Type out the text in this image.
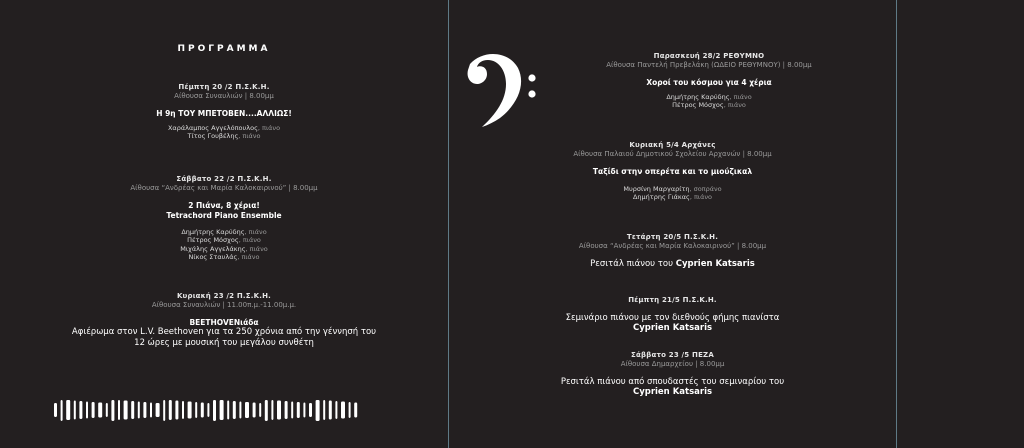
ΠΡΟΓΡΑΜΜΑ
Πέμπτη 20 /2 Π.Σ.Κ.Η.
Αίθουσα Συναυλιών | 8.00μμ
Η 9η ΤΟΥ ΜΠΕΤΟΒΕΝ....ΑΛΛΙΩΣ!
Χαράλαμπος Αγγελόπουλος, πιάνο
Τίτος Γουβέλης, πιάνο
Σάββατο 22 /2 Π.Σ.Κ.Η.
Αίθουσα “Ανδρέας και Μαρία Καλοκαιρινού” | 8.00μμ
2 Πιάνα, 8 χέρια!
Tetrachord Piano Ensemble
Δημήτρης Καρύδης, πιάνο
Πέτρος Μόσχος, πιάνο
Μιχάλης Αγγελάκης, πιάνο
Νίκος Σταυλάς, πιάνο
Κυριακή 23 /2 Π.Σ.Κ.Η.
Αίθουσα Συναυλιών | 11.00π.μ.-11.00μ.μ.
BEETHOVENιάδα
Αφιέρωμα στον L.V. Beethoven για τα 250 χρόνια από την γέννησή του
12 ώρες με μουσική του μεγάλου συνθέτη
Παρασκευή 28/2 ΡΕΘΥΜΝΟ
Αίθουσα Παντελή Πρεβελάκη (ΩΔΕΙΟ ΡΕΘΥΜΝΟΥ) | 8.00μμ
Χοροί του κόσμου για 4 χέρια
Δημήτρης Καρύδης, πιάνο
Πέτρος Μόσχος, πιάνο
Κυριακή 5/4 Αρχάνες
Αίθουσα Παλαιού Δημοτικού Σχολείου Αρχανών | 8.00μμ
Ταξίδι στην οπερέτα και το μιούζικαλ
Μυρσίνη Μαργαρίτη, σοπράνο
Δημήτρης Γιάκας, πιάνο
Τετάρτη 20/5 Π.Σ.Κ.Η.
Αίθουσα “Ανδρέας και Μαρία Καλοκαιρινού” | 8.00μμ
Ρεσιτάλ πιάνου του Cyprien Katsaris
Πέμπτη 21/5 Π.Σ.Κ.Η.
Σεμινάριο πιάνου με τον διεθνούς φήμης πιανίστα
Cyprien Katsaris
Σάββατο 23 /5 ΠΕΖΑ
Αίθουσα Δημαρχείου | 8.00μμ
Ρεσιτάλ πιάνου από σπουδαστές του σεμιναρίου του
Cyprien Katsaris
